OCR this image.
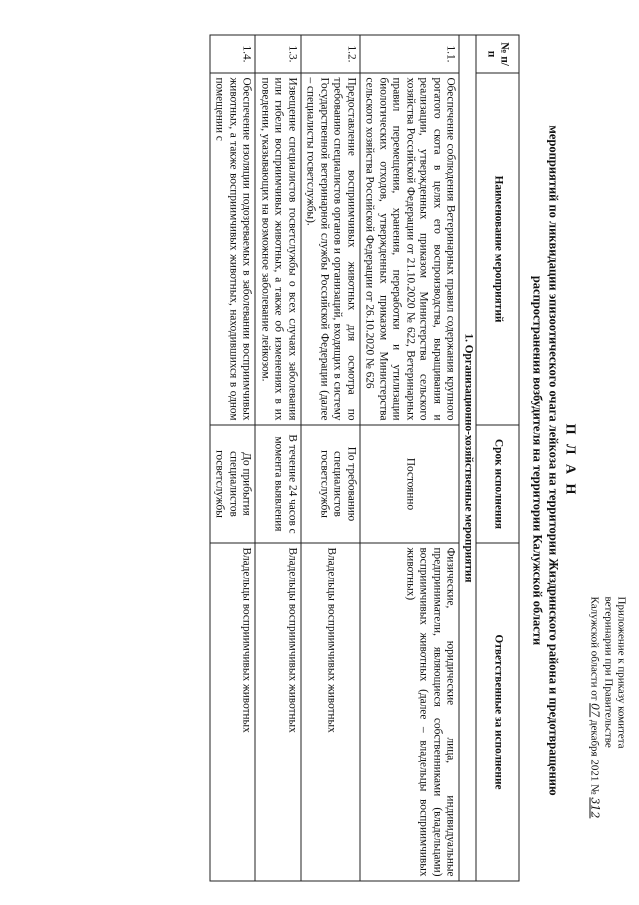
Приложение к приказу комитета
ветеринарии при Правительстве
Калужской области от 07 декабря 2021 № 312
П Л А Н
мероприятий по ликвидации эпизоотического очага лейкоза на территории Жиздринского района и предотвращению
распространения возбудителя на территории Калужской области
№ п/п	Наименование мероприятий	Срок исполнения	Ответственные за исполнение
1. Организационно-хозяйственные мероприятия			
1.1.	Обеспечение соблюдения Ветеринарных правил содержания крупного рогатого скота в целях его воспроизводства, выращивания и реализации, утвержденных приказом Министерства сельского хозяйства Российской Федерации от 21.10.2020 № 622, Ветеринарных правил перемещения, хранения, переработки и утилизации биологических отходов, утвержденных приказом Министерства сельского хозяйства Российской Федерации от 26.10.2020 № 626	Постоянно	Физические, юридические лица, индивидуальные предприниматели, являющиеся собственниками (владельцами) восприимчивых животных (далее – владельцы восприимчивых животных)
1.2.	Предоставление восприимчивых животных для осмотра по требованию специалистов органов и организаций, входящих в систему Государственной ветеринарной службы Российской Федерации (далее – специалисты госветслужбы).	По требованию специалистов госветслужбы	Владельцы восприимчивых животных
1.3.	Извещение специалистов госветслужбы о всех случаях заболевания или гибели восприимчивых животных, а также об изменениях в их поведении, указывающих на возможное заболевание лейкозом.	В течение 24 часов с момента выявления	Владельцы восприимчивых животных
1.4.	Обеспечение изоляции подозреваемых в заболевании восприимчивых животных, а также восприимчивых животных, находившихся в одном помещении с	До прибытия специалистов госветслужбы	Владельцы восприимчивых животных
